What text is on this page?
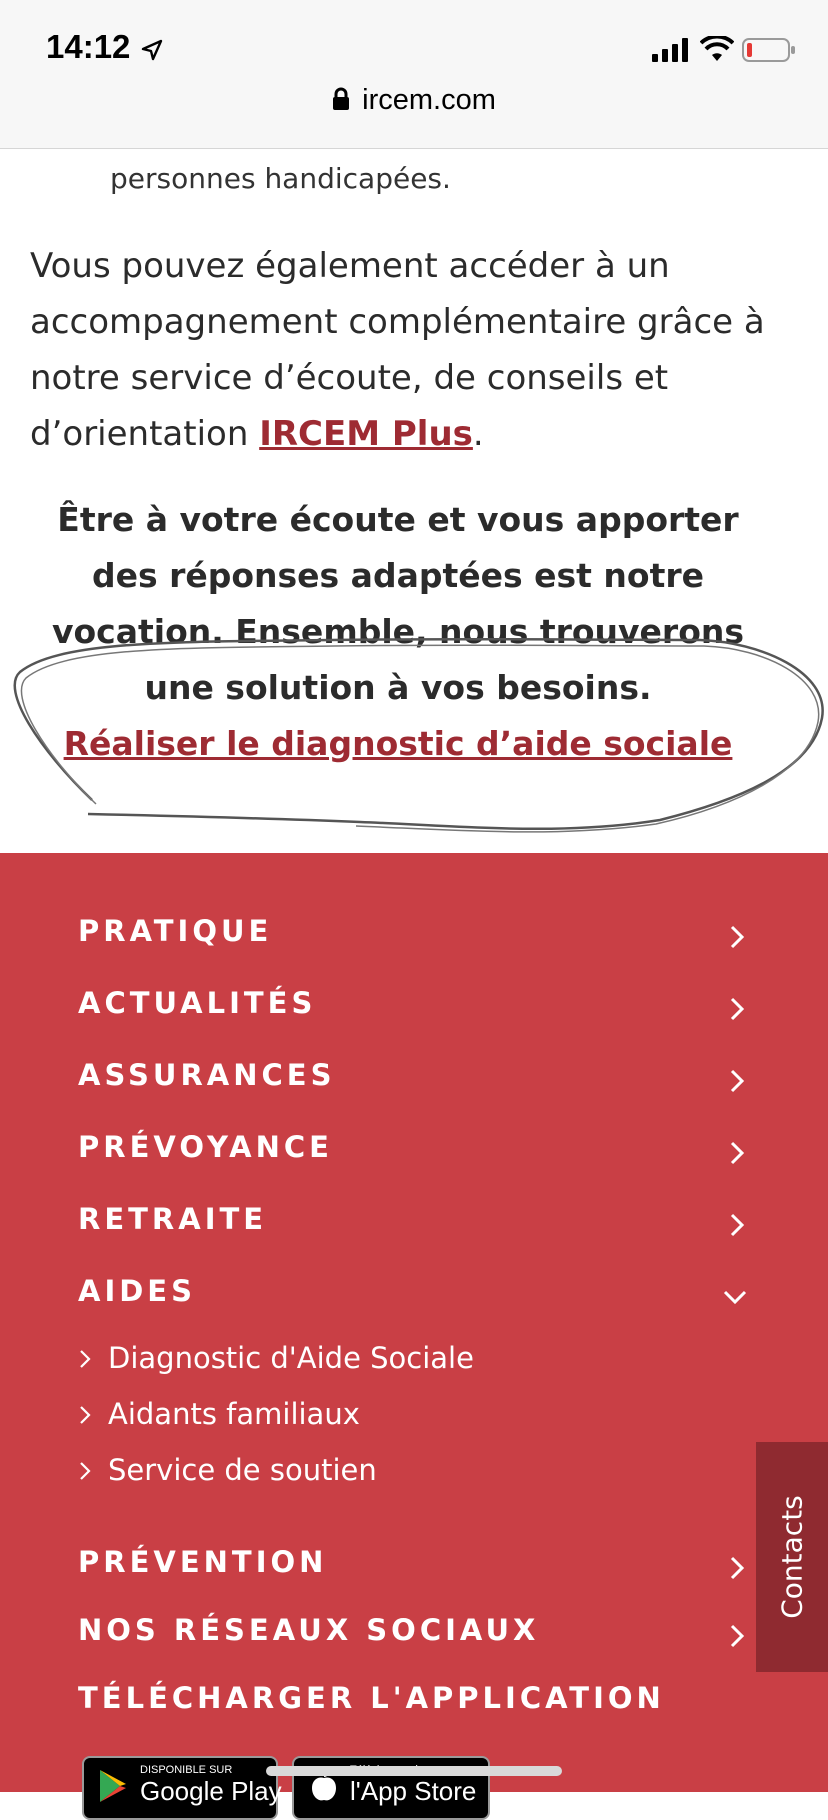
14:12
ircem.com
personnes handicapées.
Vous pouvez également accéder à un accompagnement complémentaire grâce à notre service d’écoute, de conseils et d’orientation IRCEM Plus.
Être à votre écoute et vous apporter des réponses adaptées est notre vocation. Ensemble, nous trouverons une solution à vos besoins.
Réaliser le diagnostic d’aide sociale
PRATIQUE
ACTUALITÉS
ASSURANCES
PRÉVOYANCE
RETRAITE
AIDES
Diagnostic d'Aide Sociale
Aidants familiaux
Service de soutien
PRÉVENTION
NOS RÉSEAUX SOCIAUX
TÉLÉCHARGER L'APPLICATION
Contacts
DISPONIBLE SUR
Google Play	l'App Store
